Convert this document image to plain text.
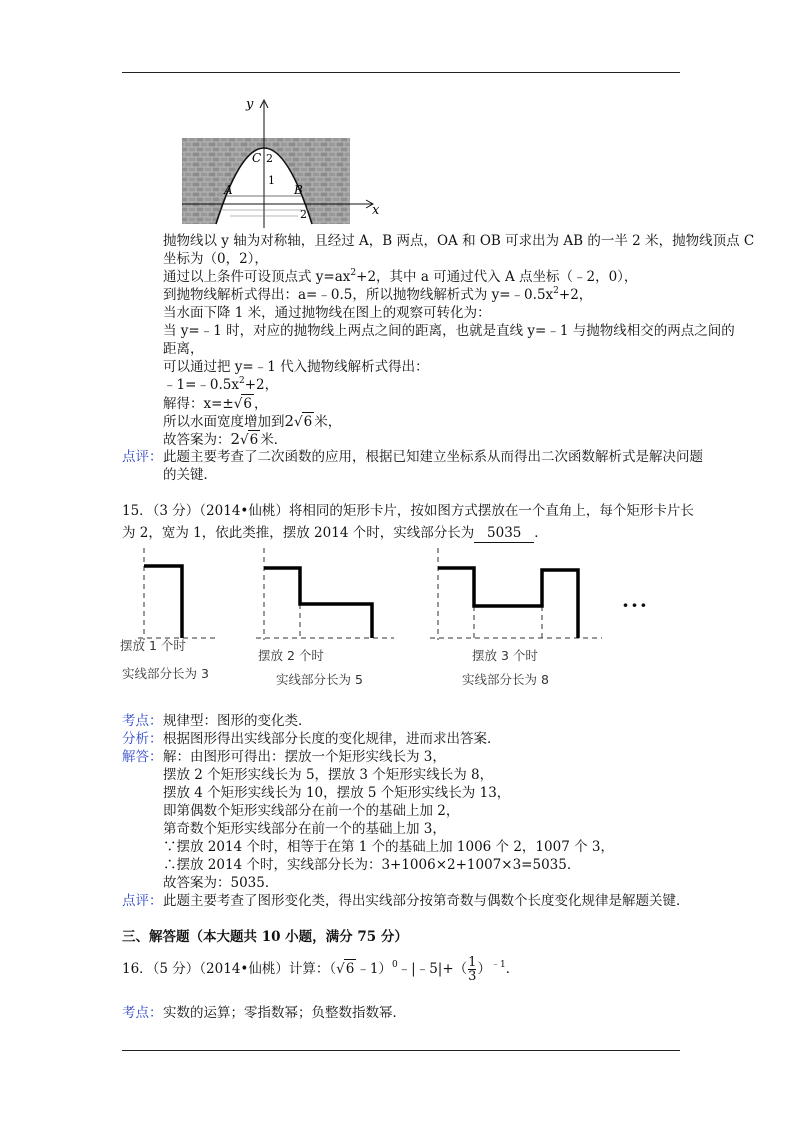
y
x
C 2
1
A	B
2
抛物线以 y 轴为对称轴，且经过 A，B 两点，OA 和 OB 可求出为 AB 的一半 2 米，抛物线顶点 C
坐标为（0，2），
通过以上条件可设顶点式 $y=ax^2+2$，其中 a 可通过代入 A 点坐标（﹣2，0），
到抛物线解析式得出：a=﹣0.5，所以抛物线解析式为 $y=﹣0.5x^2+2$，
当水面下降 1 米，通过抛物线在图上的观察可转化为：
当 y=﹣1 时，对应的抛物线上两点之间的距离，也就是直线 y=﹣1 与抛物线相交的两点之间的
距离，
可以通过把 y=﹣1 代入抛物线解析式得出：
$﹣1=﹣0.5x^2+2$，
解得：x=±√6 ，
所以水面宽度增加到2√6 米，
故答案为：2√6 米．
点评： 此题主要考查了二次函数的应用，根据已知建立坐标系从而得出二次函数解析式是解决问题
的关键．
15．（3 分）（2014•仙桃）将相同的矩形卡片，按如图方式摆放在一个直角上，每个矩形卡片长
为 2，宽为 1，依此类推，摆放 2014 个时，实线部分长为 5035 ．
摆放 1 个时
实线部分长为 3
摆放 2 个时
实线部分长为 5
摆放 3 个时
实线部分长为 8
···
考点： 规律型：图形的变化类．
分析： 根据图形得出实线部分长度的变化规律，进而求出答案．
解答： 解：由图形可得出：摆放一个矩形实线长为 3，
摆放 2 个矩形实线长为 5，摆放 3 个矩形实线长为 8，
摆放 4 个矩形实线长为 10，摆放 5 个矩形实线长为 13，
即第偶数个矩形实线部分在前一个的基础上加 2，
第奇数个矩形实线部分在前一个的基础上加 3，
∵摆放 2014 个时，相等于在第 1 个的基础上加 1006 个 2，1007 个 3，
∴摆放 2014 个时，实线部分长为：3+1006×2+1007×3=5035．
故答案为：5035．
点评： 此题主要考查了图形变化类，得出实线部分按第奇数与偶数个长度变化规律是解题关键．
三、解答题（本大题共 10 小题，满分 75 分）
16．（5 分）（2014•仙桃）计算：（√6 ﹣1）$^0$﹣|﹣5|+（ $\frac{1}{3} )^{﹣1}$．
考点： 实数的运算；零指数幂；负整数指数幂．
